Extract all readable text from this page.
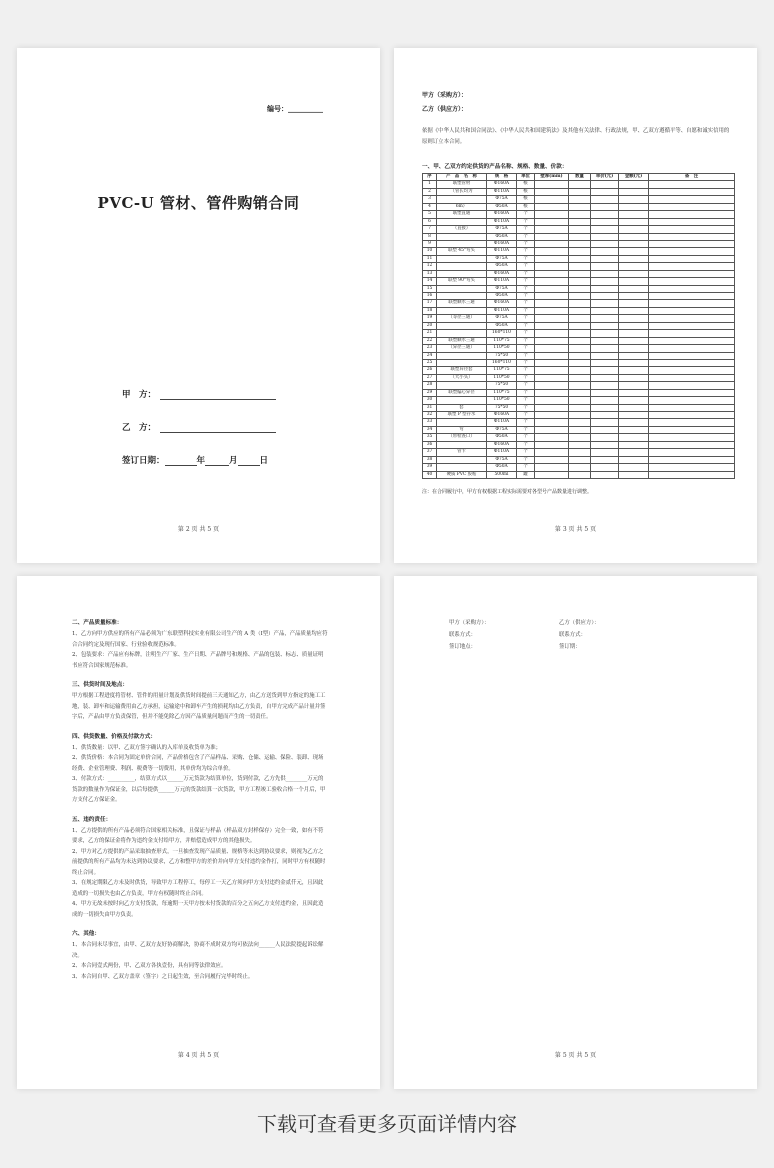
编号：__________
PVC-U 管材、管件购销合同
甲　方：
乙　方：
签订日期：	年	月	日
第 2 页 共 5 页
甲方（采购方）：
乙方（供应方）：
依据《中华人民共和国合同法》、《中华人民共和国建筑法》及其他有关法律、行政法规，甲、乙双方遵循平等、自愿和诚实信用的原则订立本合同。
一、甲、乙双方约定供货的产品名称、规格、数量、价款：
序	产　品　名　称	规　格	单位	壁厚(mm)	数量	单价(元)	金额(元)	备　注
1	联塑管材	Φ160A	根					
2	（管长均为	Φ110A	根					
3		Φ75A	根					
4	6m）	Φ50A	根					
5	联塑直通	Φ160A	个					
6		Φ110A	个					
7	（直接）	Φ75A	个					
8		Φ50A	个					
9		Φ160A	个					
10	联塑 45°弯头	Φ110A	个					
11		Φ75A	个					
12		Φ50A	个					
13		Φ160A	个					
14	联塑 90°弯头	Φ110A	个					
15		Φ75A	个					
16		Φ50A	个					
17	联塑顺水三通	Φ160A	个					
18		Φ110A	个					
19	（等径三通）	Φ75A	个					
20		Φ50A	个					
21		160*110	个					
22	联塑顺水三通	110*75	个					
23	（异径三通）	110*50	个					
24		75*50	个					
25		160*110	个					
26	联塑异径套	110*75	个					
27	（大小头）	110*50	个					
28		75*50	个					
29	联塑偏心异径	110*75	个					
30		110*50	个					
31	套	75*50	个					
32	联塑 P 型存水	Φ160A	个					
33		Φ110A	个					
34	弯	Φ75A	个					
35	（带检查口）	Φ50A	个					
36		Φ160A	个					
37	管卡	Φ110A	个					
38		Φ75A	个					
39		Φ50A	个					
40	硬质 PVC 胶粘	500ml	罐					
注：在合同履行中，甲方有权根据工程实际需要对各型号产品数量进行调整。
第 3 页 共 5 页
二、产品质量标准：
1、乙方向甲方供应的所有产品必须为广东联塑科技实业有限公司生产的 A 类（Ⅰ型）产品，产品质量均应符合合同约定及现行国家、行业验收规范标准。
2、包装要求：产品应有标牌，注明生产厂家、生产日期、产品牌号和规格、产品的包装、标志、质量证明书应符合国家规范标准。
三、供货时间及地点：
甲方根据工程进度将管材、管件的用量计划及供货时间提前三天通知乙方，由乙方送货到甲方指定的施工工地，装、卸车和运输费用由乙方承担，运输途中和卸车产生的损耗均由乙方负责，自甲方完成产品计量并签字后，产品由甲方负责保管，但并不能免除乙方因产品质量问题而产生的一切责任。
四、供货数量、价格及付款方式：
1、供货数量：以甲、乙双方签字确认的入库单及收货单为准；
2、供货价格：本合同为固定单价合同，产品价格包含了产品样品、采购、仓储、运输、保险、装卸、现场经费、企业管理费、利润、税费等一切费用，其单价均为综合单价。
3、付款方式：__________，结算方式以______万元货款为结算单位，货到付款，乙方先供________万元的货款的数量作为保证金，以后每提供______万元的货款结算一次货款，甲方工程竣工验收合格一个月后，甲方支付乙方保证金。
五、违约责任：
1、乙方提供的所有产品必须符合国家相关标准，且保证与样品（样品双方封样保存）完全一致，如有不符要求，乙方的保证金将作为违约金支付给甲方，并赔偿造成甲方的其他损失。
2、甲方对乙方提供的产品采取抽查形式，一旦抽查发现产品质量、规格等未达到协议要求，则视为乙方之前提供的所有产品均为未达到协议要求，乙方和整甲方的差价并向甲方支付违约金作打，同时甲方有权随时终止合同。
3、在规定期限乙方未及时供货，导致甲方工程停工，每停工一天乙方须向甲方支付违约金贰仟元，且因此造成的一切损失也由乙方负责，甲方有权随时终止合同。
4、甲方无故未按时向乙方支付货款，每逾期一天甲方按未付货款的百分之五向乙方支付违约金，且因此造成的一切损失由甲方负责。
六、其他：
1、本合同未尽事宜，由甲、乙双方友好协商解决，协商不成时双方均可依法向______人民法院提起诉讼解决。
2、本合同壹式两份，甲、乙双方各执壹份，具有同等法律效应。
3、本合同自甲、乙双方盖章（签字）之日起生效，至合同履行完毕时终止。
第 4 页 共 5 页
甲方（采购方）：	乙方（供应方）：
联系方式：	联系方式：
签订地点：	签订期：
第 5 页 共 5 页
下载可查看更多页面详情内容
